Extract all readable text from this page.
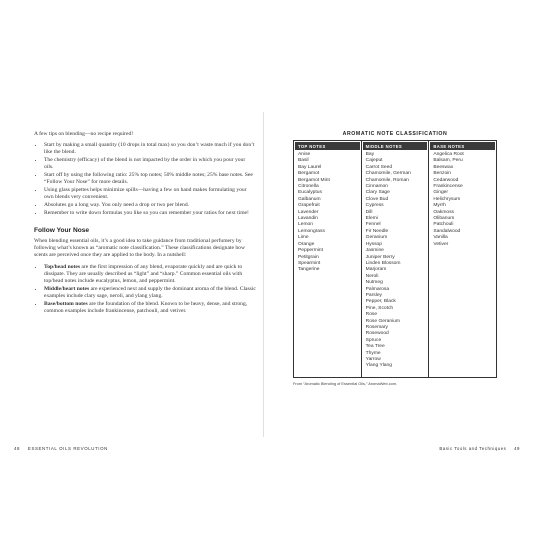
A few tips on blending—no recipe required!

• Start by making a small quantity (10 drops in total max) so you don’t waste much if you don’t like the blend.
• The chemistry (efficacy) of the blend is not impacted by the order in which you pour your oils.
• Start off by using the following ratio: 25% top notes; 50% middle notes; 25% base notes. See “Follow Your Nose” for more details.
• Using glass pipettes helps minimize spills—having a few on hand makes formulating your own blends very convenient.
• Absolutes go a long way. You only need a drop or two per blend.
• Remember to write down formulas you like so you can remember your ratios for next time!
Follow Your Nose

When blending essential oils, it’s a good idea to take guidance from traditional perfumery by following what’s known as “aromatic note classification.” These classifications designate how scents are perceived once they are applied to the body. In a nutshell:

• Top/head notes are the first impression of any blend, evaporate quickly and are quick to dissipate. They are usually described as “light” and “sharp.” Common essential oils with top/head notes include eucalyptus, lemon, and peppermint.
• Middle/heart notes are experienced next and supply the dominant aroma of the blend. Classic examples include clary sage, neroli, and ylang ylang.
• Base/bottom notes are the foundation of the blend. Known to be heavy, dense, and strong, common examples include frankincense, patchouli, and vetiver.
AROMATIC NOTE CLASSIFICATION
TOP NOTES
Anise
Basil
Bay Laurel
Bergamot
Bergamot Mint
Citronella
Eucalyptus
Galbanum
Grapefruit
Lavender
Lavandin
Lemon
Lemongrass
Lime
Orange
Peppermint
Petitgrain
Spearmint
Tangerine
MIDDLE NOTES
Bay
Cajeput
Carrot Seed
Chamomile, German
Chamomile, Roman
Cinnamon
Clary Sage
Clove Bud
Cypress
Dill
Elemi
Fennel
Fir Needle
Geranium
Hyssop
Jasmine
Juniper Berry
Linden Blossom
Marjoram
Neroli
Nutmeg
Palmarosa
Parsley
Pepper, Black
Pine, Scotch
Rose
Rose Geranium
Rosemary
Rosewood
Spruce
Tea Tree
Thyme
Yarrow
Ylang Ylang
BASE NOTES
Angelica Root
Balsam, Peru
Beeswax
Benzoin
Cedarwood
Frankincense
Ginger
Helichrysum
Myrrh
Oakmoss
Olibanum
Patchouli
Sandalwood
Vanilla
Vetiver
From “Aromatic Blending of Essential Oils,” AromaWeb.com.
48 ESSENTIAL OILS REVOLUTION	Basic Tools and Techniques 49
